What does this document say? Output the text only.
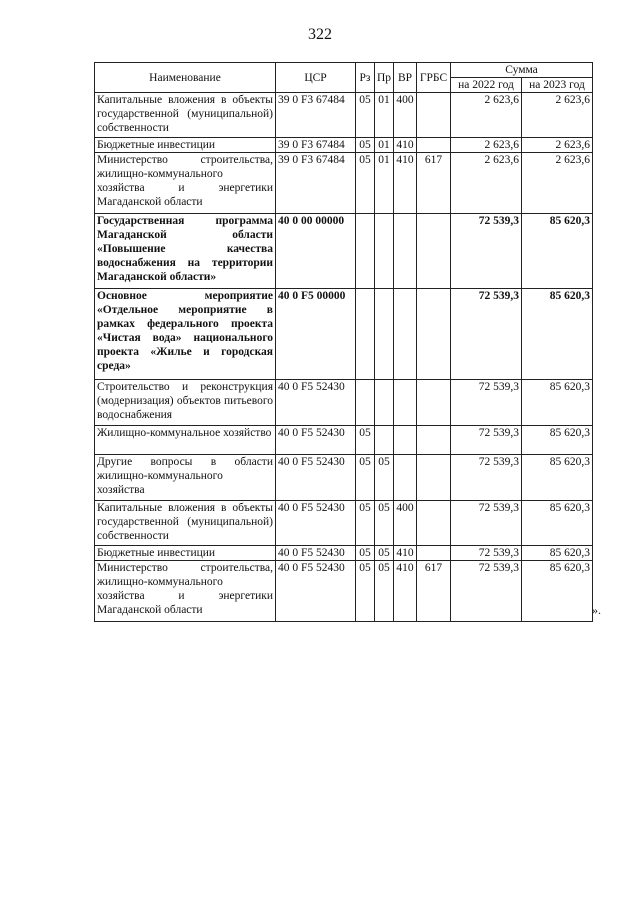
322
Наименование	ЦСР	Рз	Пр	ВР	ГРБС	Сумма	
						на 2022 год	на 2023 год
Капитальные вложения в объекты государственной (муниципальной) собственности	39 0 F3 67484	05	01	400		2 623,6	2 623,6
Бюджетные инвестиции	39 0 F3 67484	05	01	410		2 623,6	2 623,6
Министерство строительства, жилищно-коммунального хозяйства и энергетики Магаданской области	39 0 F3 67484	05	01	410	617	2 623,6	2 623,6
Государственная программа Магаданской области «Повышение качества водоснабжения на территории Магаданской области»	40 0 00 00000					72 539,3	85 620,3
Основное мероприятие «Отдельное мероприятие в рамках федерального проекта «Чистая вода» национального проекта «Жилье и городская среда»	40 0 F5 00000					72 539,3	85 620,3
Строительство и реконструкция (модернизация) объектов питьевого водоснабжения	40 0 F5 52430					72 539,3	85 620,3
Жилищно-коммунальное хозяйство	40 0 F5 52430	05				72 539,3	85 620,3
Другие вопросы в области жилищно-коммунального хозяйства	40 0 F5 52430	05	05			72 539,3	85 620,3
Капитальные вложения в объекты государственной (муниципальной) собственности	40 0 F5 52430	05	05	400		72 539,3	85 620,3
Бюджетные инвестиции	40 0 F5 52430	05	05	410		72 539,3	85 620,3
Министерство строительства, жилищно-коммунального хозяйства и энергетики Магаданской области	40 0 F5 52430	05	05	410	617	72 539,3	85 620,3
».
